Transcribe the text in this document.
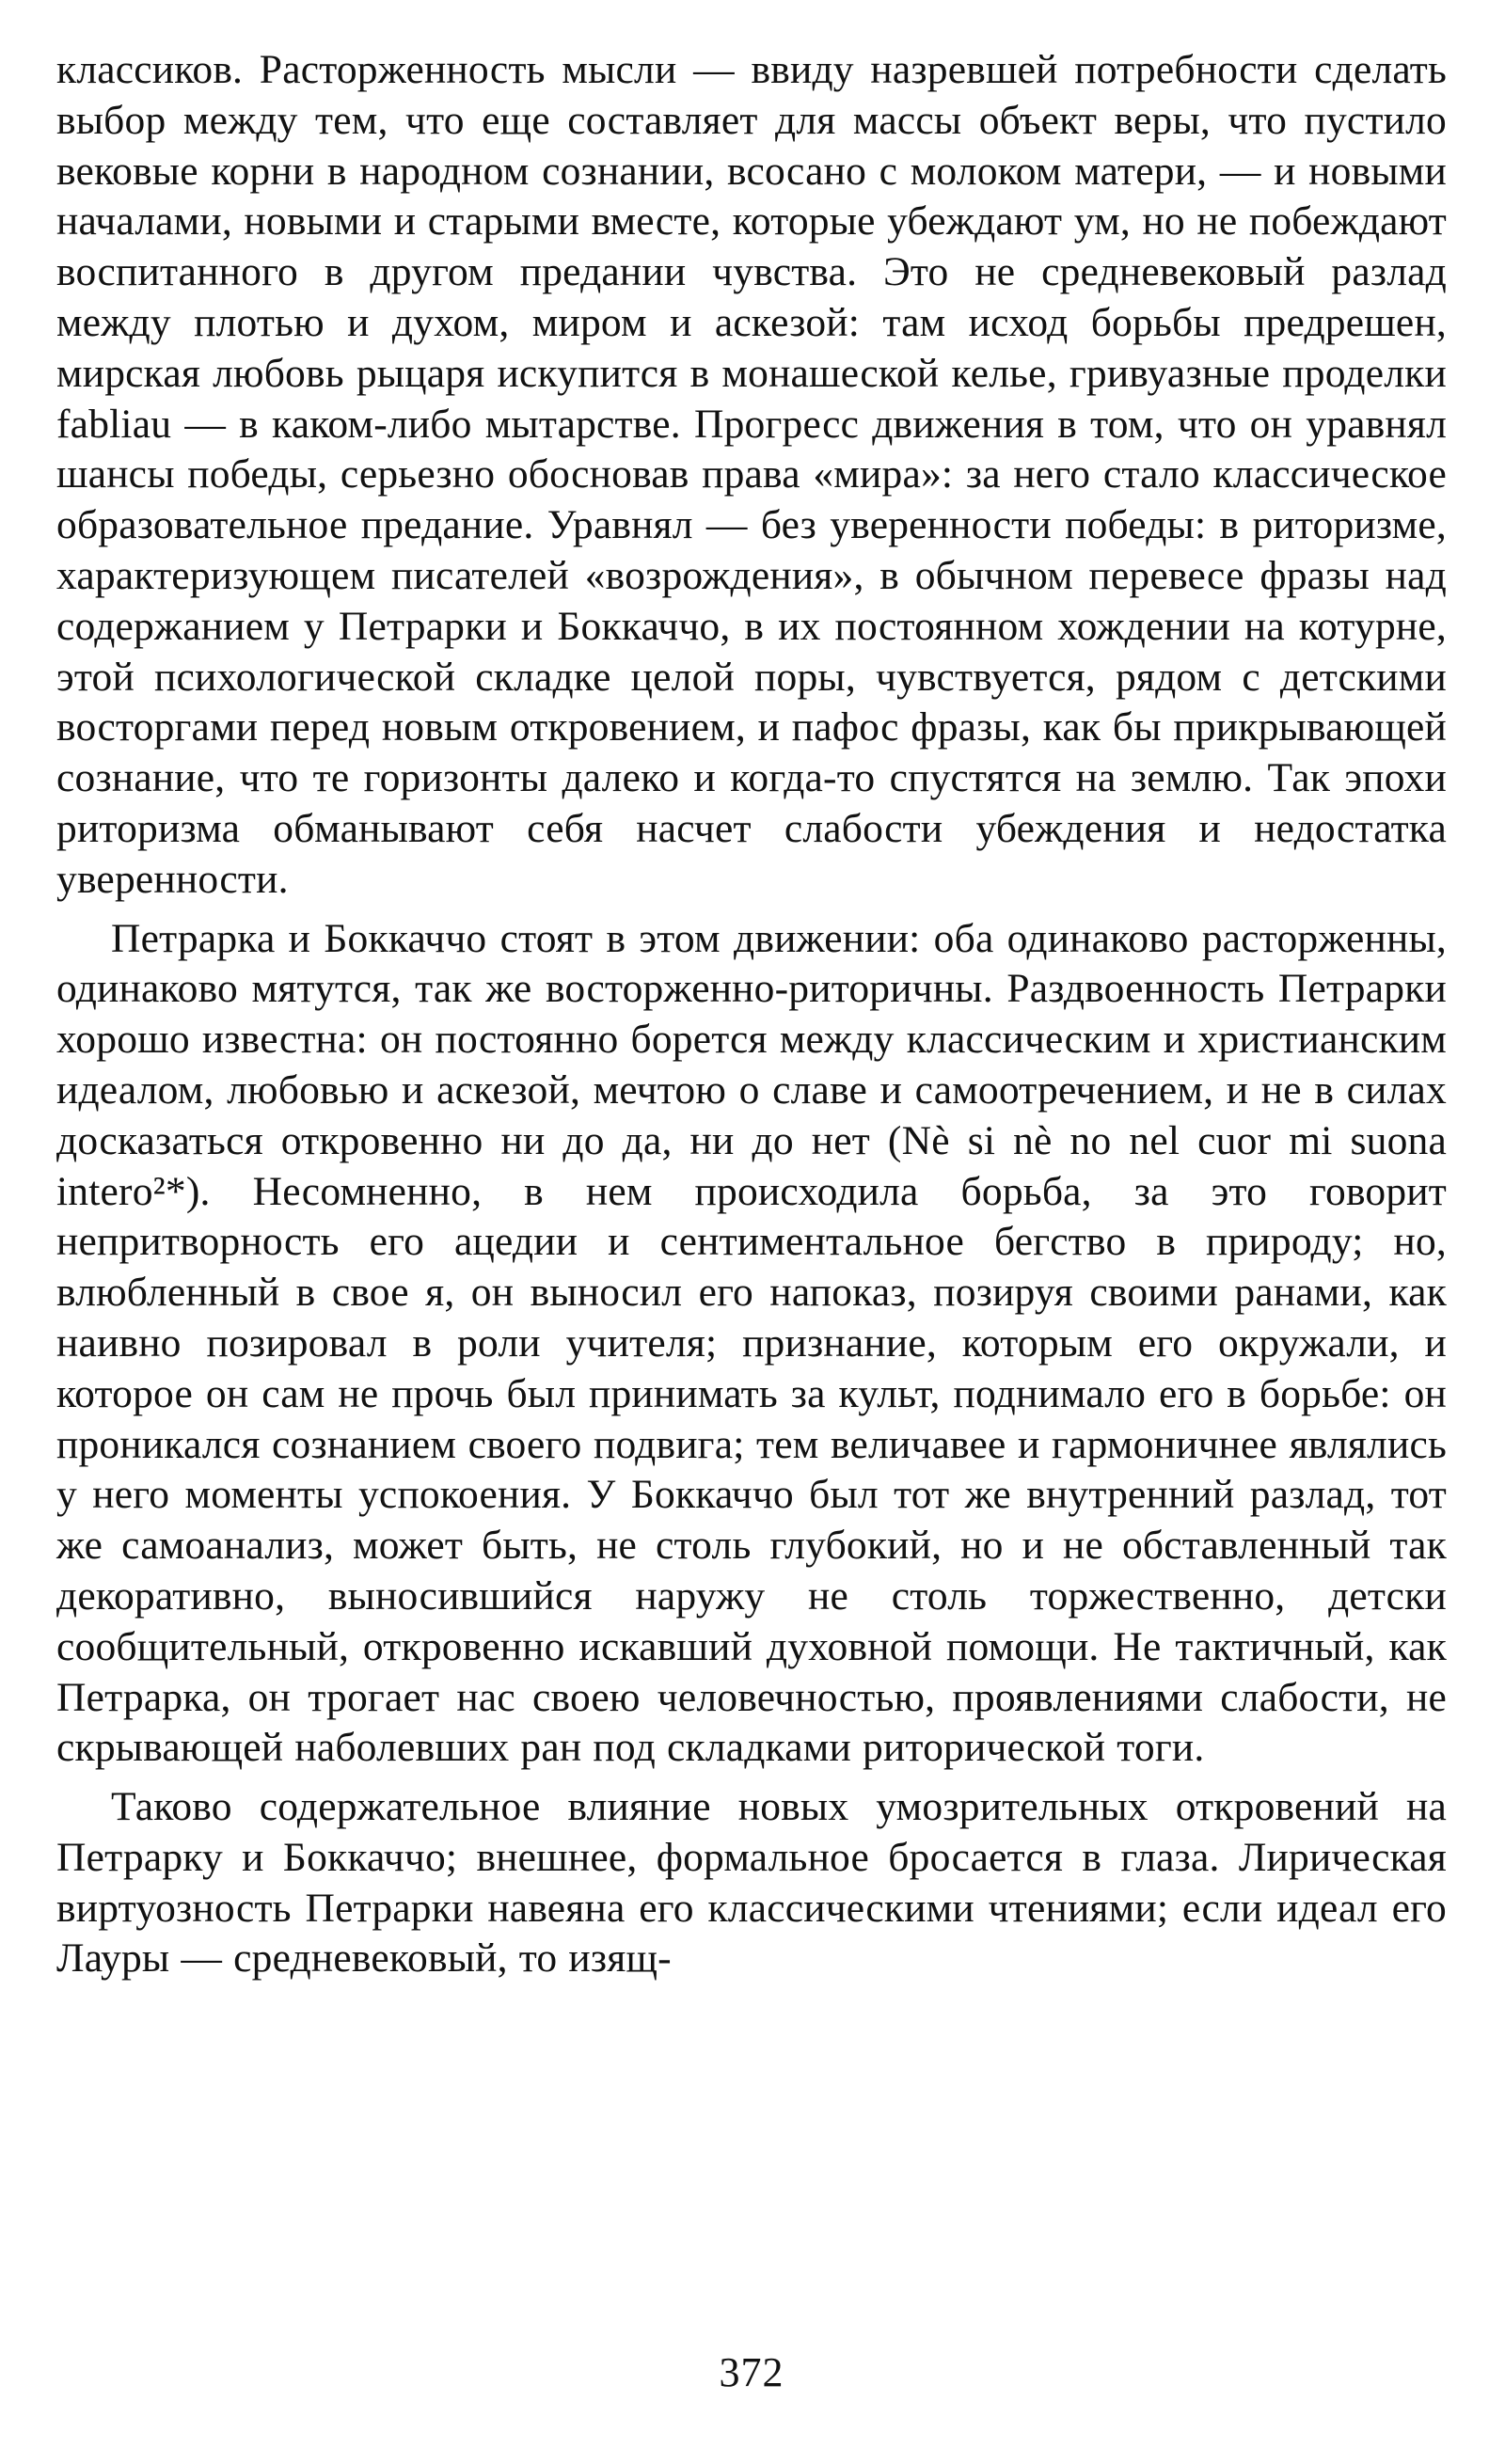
классиков. Расторженность мысли — ввиду назревшей потребности сделать выбор между тем, что еще составляет для массы объект веры, что пустило вековые корни в народном сознании, всосано с молоком матери, — и новыми началами, новыми и старыми вместе, которые убеждают ум, но не побеждают воспитанного в другом предании чувства. Это не средневековый разлад между плотью и духом, миром и аскезой: там исход борьбы предрешен, мирская любовь рыцаря искупится в монашеской келье, гривуазные проделки fabliau — в каком-либо мытарстве. Прогресс движения в том, что он уравнял шансы победы, серьезно обосновав права «мира»: за него стало классическое образовательное предание. Уравнял — без уверенности победы: в риторизме, характеризующем писателей «возрождения», в обычном перевесе фразы над содержанием у Петрарки и Боккаччо, в их постоянном хождении на котурне, этой психологической складке целой поры, чувствуется, рядом с детскими восторгами перед новым откровением, и пафос фразы, как бы прикрывающей сознание, что те горизонты далеко и когда-то спустятся на землю. Так эпохи риторизма обманывают себя насчет слабости убеждения и недостатка уверенности.

Петрарка и Боккаччо стоят в этом движении: оба одинаково расторженны, одинаково мятутся, так же восторженно-риторичны. Раздвоенность Петрарки хорошо известна: он постоянно борется между классическим и христианским идеалом, любовью и аскезой, мечтою о славе и самоотречением, и не в силах досказаться откровенно ни до да, ни до нет (Nè si nè no nel cuor mi suona intero²*). Несомненно, в нем происходила борьба, за это говорит непритворность его ацедии и сентиментальное бегство в природу; но, влюбленный в свое я, он выносил его напоказ, позируя своими ранами, как наивно позировал в роли учителя; признание, которым его окружали, и которое он сам не прочь был принимать за культ, поднимало его в борьбе: он проникался сознанием своего подвига; тем величавее и гармоничнее являлись у него моменты успокоения. У Боккаччо был тот же внутренний разлад, тот же самоанализ, может быть, не столь глубокий, но и не обставленный так декоративно, выносившийся наружу не столь торжественно, детски сообщительный, откровенно искавший духовной помощи. Не тактичный, как Петрарка, он трогает нас своею человечностью, проявлениями слабости, не скрывающей наболевших ран под складками риторической тоги.

Таково содержательное влияние новых умозрительных откровений на Петрарку и Боккаччо; внешнее, формальное бросается в глаза. Лирическая виртуозность Петрарки навеяна его классическими чтениями; если идеал его Лауры — средневековый, то изящ-

372
